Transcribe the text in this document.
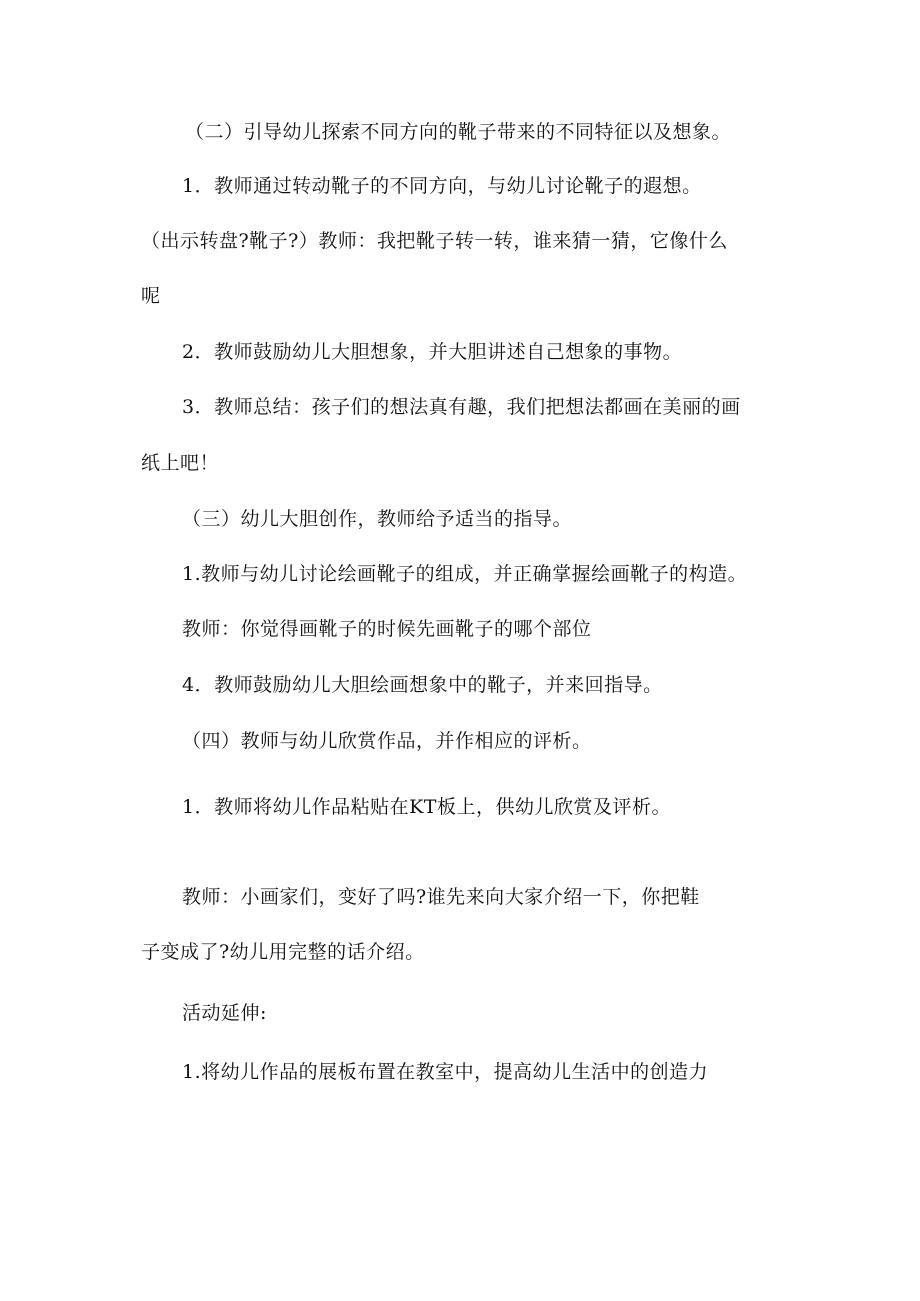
（二）引导幼儿探索不同方向的靴子带来的不同特征以及想象。
1．教师通过转动靴子的不同方向，与幼儿讨论靴子的遐想。
（出示转盘?靴子?）教师：我把靴子转一转，谁来猜一猜，它像什么
呢
2．教师鼓励幼儿大胆想象，并大胆讲述自己想象的事物。
3．教师总结：孩子们的想法真有趣，我们把想法都画在美丽的画
纸上吧！
（三）幼儿大胆创作，教师给予适当的指导。
1.教师与幼儿讨论绘画靴子的组成，并正确掌握绘画靴子的构造。
教师：你觉得画靴子的时候先画靴子的哪个部位
4．教师鼓励幼儿大胆绘画想象中的靴子，并来回指导。
（四）教师与幼儿欣赏作品，并作相应的评析。
1．教师将幼儿作品粘贴在KT板上，供幼儿欣赏及评析。
教师：小画家们，变好了吗?谁先来向大家介绍一下，你把鞋
子变成了?幼儿用完整的话介绍。
活动延伸:
1.将幼儿作品的展板布置在教室中，提高幼儿生活中的创造力
